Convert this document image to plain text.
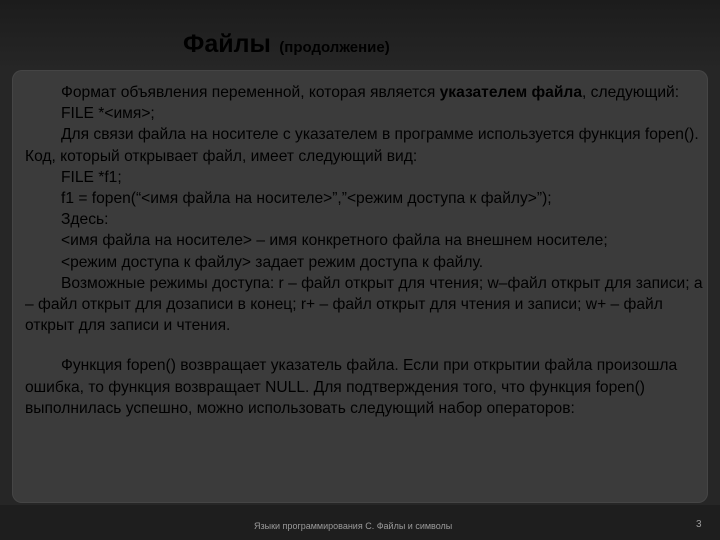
Файлы (продолжение)

Формат объявления переменной, которая является указателем файла, следующий:

FILE *<имя>;

Для связи файла на носителе с указателем в программе используется функция fopen(). Код, который открывает файл, имеет следующий вид:

FILE *f1;

f1 = fopen(“<имя файла на носителе>”,”<режим доступа к файлу>”);

Здесь:

<имя файла на носителе> – имя конкретного файла на внешнем носителе;

<режим доступа к файлу> задает режим доступа к файлу.

Возможные режимы доступа: r – файл открыт для чтения; w–файл открыт для записи; a – файл открыт для дозаписи в конец; r+ – файл открыт для чтения и записи; w+ – файл открыт для записи и чтения.

Функция fopen() возвращает указатель файла. Если при открытии файла произошла ошибка, то функция возвращает NULL. Для подтверждения того, что функция fopen() выполнилась успешно, можно использовать следующий набор операторов:

Языки программирования С. Файлы и символы	3
